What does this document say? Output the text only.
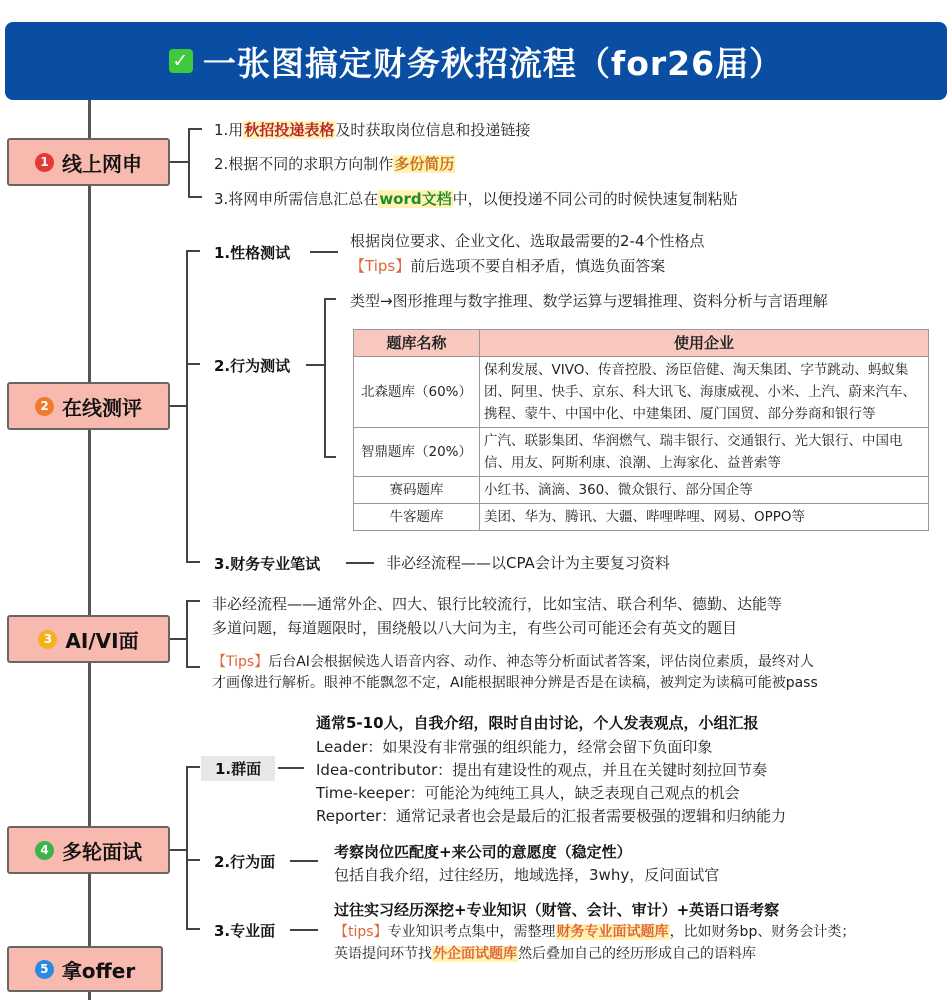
✓ 一张图搞定财务秋招流程（for26届）
1 线上网申
1.用秋招投递表格及时获取岗位信息和投递链接
2.根据不同的求职方向制作多份简历
3.将网申所需信息汇总在word文档中，以便投递不同公司的时候快速复制粘贴
2 在线测评
1.性格测试
根据岗位要求、企业文化、选取最需要的2-4个性格点
【Tips】前后选项不要自相矛盾，慎选负面答案
2.行为测试
类型→图形推理与数字推理、数学运算与逻辑推理、资料分析与言语理解
题库名称	使用企业
北森题库（60%）	保利发展、VIVO、传音控股、汤臣倍健、淘天集团、字节跳动、蚂蚁集团、阿里、快手、京东、科大讯飞、海康威视、小米、上汽、蔚来汽车、携程、蒙牛、中国中化、中建集团、厦门国贸、部分券商和银行等
智鼎题库（20%）	广汽、联影集团、华润燃气、瑞丰银行、交通银行、光大银行、中国电信、用友、阿斯利康、浪潮、上海家化、益普索等
赛码题库	小红书、滴滴、360、微众银行、部分国企等
牛客题库	美团、华为、腾讯、大疆、哔哩哔哩、网易、OPPO等
3.财务专业笔试	非必经流程——以CPA会计为主要复习资料
3 AI/VI面
非必经流程——通常外企、四大、银行比较流行，比如宝洁、联合利华、德勤、达能等
多道问题，每道题限时，围绕般以八大问为主，有些公司可能还会有英文的题目
【Tips】后台AI会根据候选人语音内容、动作、神态等分析面试者答案，评估岗位素质，最终对人
才画像进行解析。眼神不能飘忽不定，AI能根据眼神分辨是否是在读稿，被判定为读稿可能被pass
4 多轮面试
1.群面
通常5-10人，自我介绍，限时自由讨论，个人发表观点，小组汇报
Leader：如果没有非常强的组织能力，经常会留下负面印象
Idea-contributor：提出有建设性的观点，并且在关键时刻拉回节奏
Time-keeper：可能沦为纯纯工具人，缺乏表现自己观点的机会
Reporter：通常记录者也会是最后的汇报者需要极强的逻辑和归纳能力
2.行为面
考察岗位匹配度+来公司的意愿度（稳定性）
包括自我介绍，过往经历，地域选择，3why，反问面试官
3.专业面
过往实习经历深挖+专业知识（财管、会计、审计）+英语口语考察
【tips】专业知识考点集中，需整理财务专业面试题库，比如财务bp、财务会计类；
英语提问环节找外企面试题库然后叠加自己的经历形成自己的语料库
5 拿offer
